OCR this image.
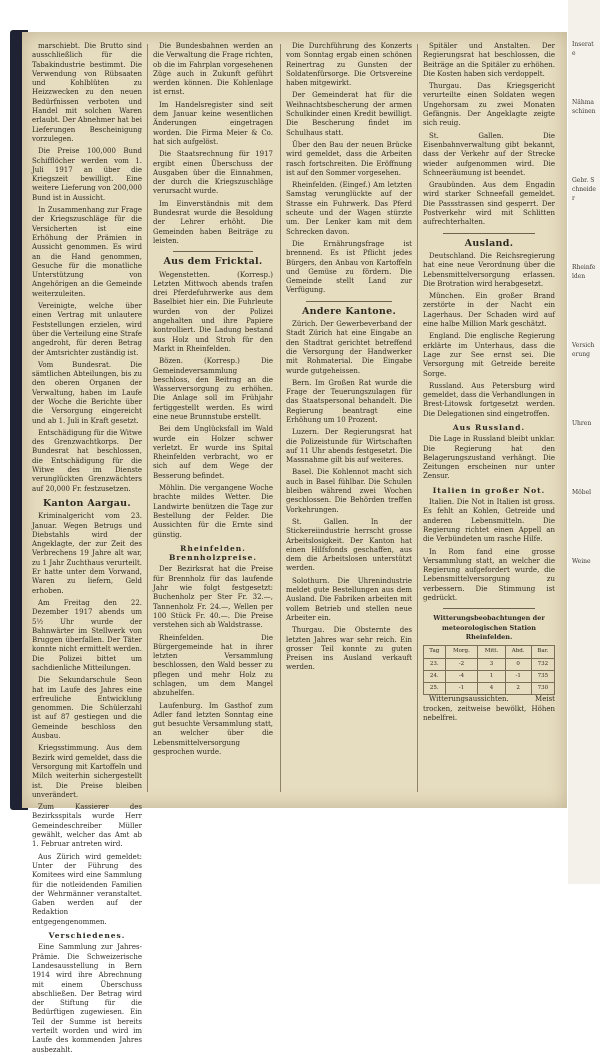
marschiebt. Die Brutto sind ausschließlich für die Tabakindustrie bestimmt. Die Verwendung von Rübsaaten und Kohlblüten zu Heizzwecken zu den neuen Bedürfnissen verboten und Handel mit solchen Waren erlaubt. Der Abnehmer hat bei Lieferungen Bescheinigung vorzulegen.

Die Preise 100,000 Bund Schifflöcher werden vom 1. Juli 1917 an über die Kriegszeit bewilligt. Eine weitere Lieferung von 200,000 Bund ist in Aussicht.

In Zusammenhang zur Frage der Kriegszuschläge für die Versicherten ist eine Erhöhung der Prämien in Aussicht genommen. Es wird an die Hand genommen, Gesuche für die monatliche Unterstützung von Angehörigen an die Gemeinde weiterzuleiten.

Vereinigte, welche über einen Vertrag mit unlautere Feststellungen erzielen, wird über die Verteilung eine Strafe angedroht, für deren Betrag der Amtsrichter zuständig ist.

Vom Bundesrat. Die sämtlichen Abteilungen, bis zu den oberen Organen der Verwaltung, haben im Laufe der Woche die Berichte über die Versorgung eingereicht und ab 1. Juli in Kraft gesetzt.

Entschädigung für die Witwe des Grenzwachtkorps. Der Bundesrat hat beschlossen, die Entschädigung für die Witwe des im Dienste verunglückten Grenzwächters auf 20,000 Fr. festzusetzen.

Kanton Aargau.

Kriminalgericht vom 23. Januar. Wegen Betrugs und Diebstahls wird der Angeklagte, der zur Zeit des Verbrechens 19 Jahre alt war, zu 1 Jahr Zuchthaus verurteilt. Er hatte unter dem Vorwand, Waren zu liefern, Geld erhoben.

Am Freitag den 22. Dezember 1917 abends um 5½ Uhr wurde der Bahnwärter im Stellwerk von Bruggen überfallen. Der Täter konnte nicht ermittelt werden. Die Polizei bittet um sachdienliche Mitteilungen.

Die Sekundarschule Seon hat im Laufe des Jahres eine erfreuliche Entwicklung genommen. Die Schülerzahl ist auf 87 gestiegen und die Gemeinde beschloss den Ausbau.

Kriegsstimmung. Aus dem Bezirk wird gemeldet, dass die Versorgung mit Kartoffeln und Milch weiterhin sichergestellt ist. Die Preise bleiben unverändert.

Zum Kassierer des Bezirksspitals wurde Herr Gemeindeschreiber Müller gewählt, welcher das Amt ab 1. Februar antreten wird.

Aus Zürich wird gemeldet: Unter der Führung des Komitees wird eine Sammlung für die notleidenden Familien der Wehrmänner veranstaltet. Gaben werden auf der Redaktion entgegengenommen.

Verschiedenes.

Eine Sammlung zur Jahres-Prämie. Die Schweizerische Landesausstellung in Bern 1914 wird ihre Abrechnung mit einem Überschuss abschließen. Der Betrag wird der Stiftung für die Bedürftigen zugewiesen. Ein Teil der Summe ist bereits verteilt worden und wird im Laufe des kommenden Jahres ausbezahlt.

Die Bundesbahnen werden an die Verwaltung die Frage richten, ob die im Fahrplan vorgesehenen Züge auch in Zukunft geführt werden können. Die Kohlenlage ist ernst.

Im Handelsregister sind seit dem Januar keine wesentlichen Änderungen eingetragen worden. Die Firma Meier & Co. hat sich aufgelöst.

Die Staatsrechnung für 1917 ergibt einen Überschuss der Ausgaben über die Einnahmen, der durch die Kriegszuschläge verursacht wurde.

Im Einverständnis mit dem Bundesrat wurde die Besoldung der Lehrer erhöht. Die Gemeinden haben Beiträge zu leisten.

Aus dem Fricktal.

Wegenstetten. (Korresp.) Letzten Mittwoch abends trafen drei Pferdefuhrwerke aus dem Baselbiet hier ein. Die Fuhrleute wurden von der Polizei angehalten und ihre Papiere kontrolliert. Die Ladung bestand aus Holz und Stroh für den Markt in Rheinfelden.

Bözen. (Korresp.) Die Gemeindeversammlung beschloss, den Beitrag an die Wasserversorgung zu erhöhen. Die Anlage soll im Frühjahr fertiggestellt werden. Es wird eine neue Brunnstube erstellt.

Bei dem Unglücksfall im Wald wurde ein Holzer schwer verletzt. Er wurde ins Spital Rheinfelden verbracht, wo er sich auf dem Wege der Besserung befindet.

Möhlin. Die vergangene Woche brachte mildes Wetter. Die Landwirte benützen die Tage zur Bestellung der Felder. Die Aussichten für die Ernte sind günstig.

Rheinfelden. Brennholzpreise.

Der Bezirksrat hat die Preise für Brennholz für das laufende Jahr wie folgt festgesetzt: Buchenholz per Ster Fr. 32.—, Tannenholz Fr. 24.—, Wellen per 100 Stück Fr. 40.—. Die Preise verstehen sich ab Waldstrasse.

Rheinfelden. Die Bürgergemeinde hat in ihrer letzten Versammlung beschlossen, den Wald besser zu pflegen und mehr Holz zu schlagen, um dem Mangel abzuhelfen.

Laufenburg. Im Gasthof zum Adler fand letzten Sonntag eine gut besuchte Versammlung statt, an welcher über die Lebensmittelversorgung gesprochen wurde.

Die Durchführung des Konzerts vom Sonntag ergab einen schönen Reinertrag zu Gunsten der Soldatenfürsorge. Die Ortsvereine haben mitgewirkt.

Der Gemeinderat hat für die Weihnachtsbescherung der armen Schulkinder einen Kredit bewilligt. Die Bescherung findet im Schulhaus statt.

Über den Bau der neuen Brücke wird gemeldet, dass die Arbeiten rasch fortschreiten. Die Eröffnung ist auf den Sommer vorgesehen.

Rheinfelden. (Eingef.) Am letzten Samstag verunglückte auf der Strasse ein Fuhrwerk. Das Pferd scheute und der Wagen stürzte um. Der Lenker kam mit dem Schrecken davon.

Die Ernährungsfrage ist brennend. Es ist Pflicht jedes Bürgers, den Anbau von Kartoffeln und Gemüse zu fördern. Die Gemeinde stellt Land zur Verfügung.

Andere Kantone.

Zürich. Der Gewerbeverband der Stadt Zürich hat eine Eingabe an den Stadtrat gerichtet betreffend die Versorgung der Handwerker mit Rohmaterial. Die Eingabe wurde gutgeheissen.

Bern. Im Großen Rat wurde die Frage der Teuerungszulagen für das Staatspersonal behandelt. Die Regierung beantragt eine Erhöhung um 10 Prozent.

Luzern. Der Regierungsrat hat die Polizeistunde für Wirtschaften auf 11 Uhr abends festgesetzt. Die Massnahme gilt bis auf weiteres.

Basel. Die Kohlennot macht sich auch in Basel fühlbar. Die Schulen bleiben während zwei Wochen geschlossen. Die Behörden treffen Vorkehrungen.

St. Gallen. In der Stickereiindustrie herrscht grosse Arbeitslosigkeit. Der Kanton hat einen Hilfsfonds geschaffen, aus dem die Arbeitslosen unterstützt werden.

Solothurn. Die Uhrenindustrie meldet gute Bestellungen aus dem Ausland. Die Fabriken arbeiten mit vollem Betrieb und stellen neue Arbeiter ein.

Thurgau. Die Obsternte des letzten Jahres war sehr reich. Ein grosser Teil konnte zu guten Preisen ins Ausland verkauft werden.

Spitäler und Anstalten. Der Regierungsrat hat beschlossen, die Beiträge an die Spitäler zu erhöhen. Die Kosten haben sich verdoppelt.

Thurgau. Das Kriegsgericht verurteilte einen Soldaten wegen Ungehorsam zu zwei Monaten Gefängnis. Der Angeklagte zeigte sich reuig.

St. Gallen. Die Eisenbahnverwaltung gibt bekannt, dass der Verkehr auf der Strecke wieder aufgenommen wird. Die Schneeräumung ist beendet.

Graubünden. Aus dem Engadin wird starker Schneefall gemeldet. Die Passstrassen sind gesperrt. Der Postverkehr wird mit Schlitten aufrechterhalten.

Ausland.

Deutschland. Die Reichsregierung hat eine neue Verordnung über die Lebensmittelversorgung erlassen. Die Brotration wird herabgesetzt.

München. Ein großer Brand zerstörte in der Nacht ein Lagerhaus. Der Schaden wird auf eine halbe Million Mark geschätzt.

England. Die englische Regierung erklärte im Unterhaus, dass die Lage zur See ernst sei. Die Versorgung mit Getreide bereite Sorge.

Russland. Aus Petersburg wird gemeldet, dass die Verhandlungen in Brest-Litowsk fortgesetzt werden. Die Delegationen sind eingetroffen.

Aus Russland.

Die Lage in Russland bleibt unklar. Die Regierung hat den Belagerungszustand verhängt. Die Zeitungen erscheinen nur unter Zensur.

Italien in großer Not.

Italien. Die Not in Italien ist gross. Es fehlt an Kohlen, Getreide und anderen Lebensmitteln. Die Regierung richtet einen Appell an die Verbündeten um rasche Hilfe.

In Rom fand eine grosse Versammlung statt, an welcher die Regierung aufgefordert wurde, die Lebensmittelversorgung zu verbessern. Die Stimmung ist gedrückt.

Witterungsbeobachtungen der meteorologischen Station Rheinfelden.
Tag	Morg.	Mitt.	Abd.	Bar.
23.	-2	3	0	732
24.	-4	1	-1	735
25.	-1	4	2	730

Witterungsaussichten. Meist trocken, zeitweise bewölkt, Höhen nebelfrei.

Inserate
Nähmaschinen
Gebr. Schneider
Rheinfelden
Versicherung
Uhren
Möbel
Weine
